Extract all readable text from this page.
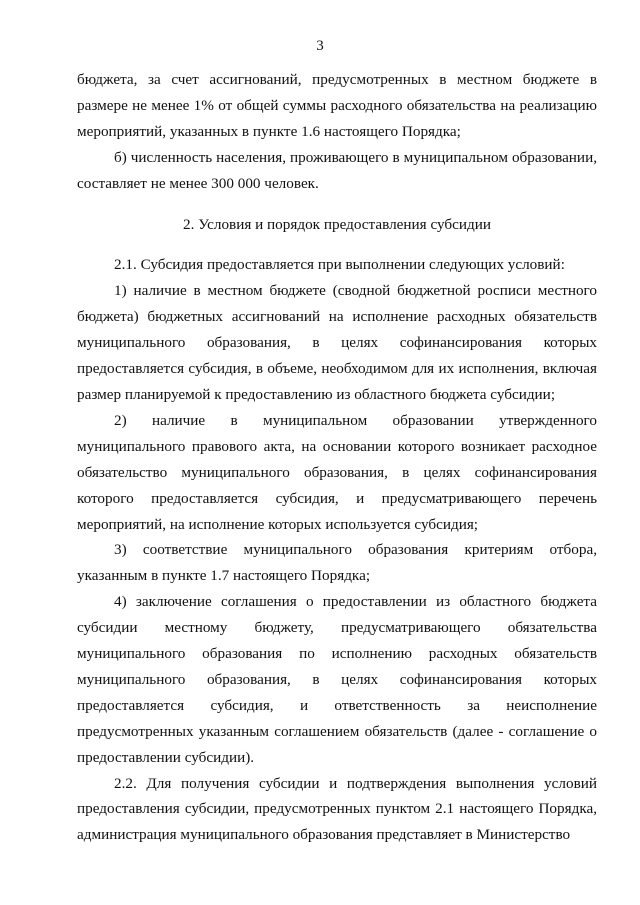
3

бюджета, за счет ассигнований, предусмотренных в местном бюджете в размере не менее 1% от общей суммы расходного обязательства на реализацию мероприятий, указанных в пункте 1.6 настоящего Порядка;

б) численность населения, проживающего в муниципальном образовании, составляет не менее 300 000 человек.

2. Условия и порядок предоставления субсидии

2.1. Субсидия предоставляется при выполнении следующих условий:

1) наличие в местном бюджете (сводной бюджетной росписи местного бюджета) бюджетных ассигнований на исполнение расходных обязательств муниципального образования, в целях софинансирования которых предоставляется субсидия, в объеме, необходимом для их исполнения, включая размер планируемой к предоставлению из областного бюджета субсидии;

2) наличие в муниципальном образовании утвержденного муниципального правового акта, на основании которого возникает расходное обязательство муниципального образования, в целях софинансирования которого предоставляется субсидия, и предусматривающего перечень мероприятий, на исполнение которых используется субсидия;

3) соответствие муниципального образования критериям отбора, указанным в пункте 1.7 настоящего Порядка;

4) заключение соглашения о предоставлении из областного бюджета субсидии местному бюджету, предусматривающего обязательства муниципального образования по исполнению расходных обязательств муниципального образования, в целях софинансирования которых предоставляется субсидия, и ответственность за неисполнение предусмотренных указанным соглашением обязательств (далее - соглашение о предоставлении субсидии).

2.2. Для получения субсидии и подтверждения выполнения условий предоставления субсидии, предусмотренных пунктом 2.1 настоящего Порядка, администрация муниципального образования представляет в Министерство
